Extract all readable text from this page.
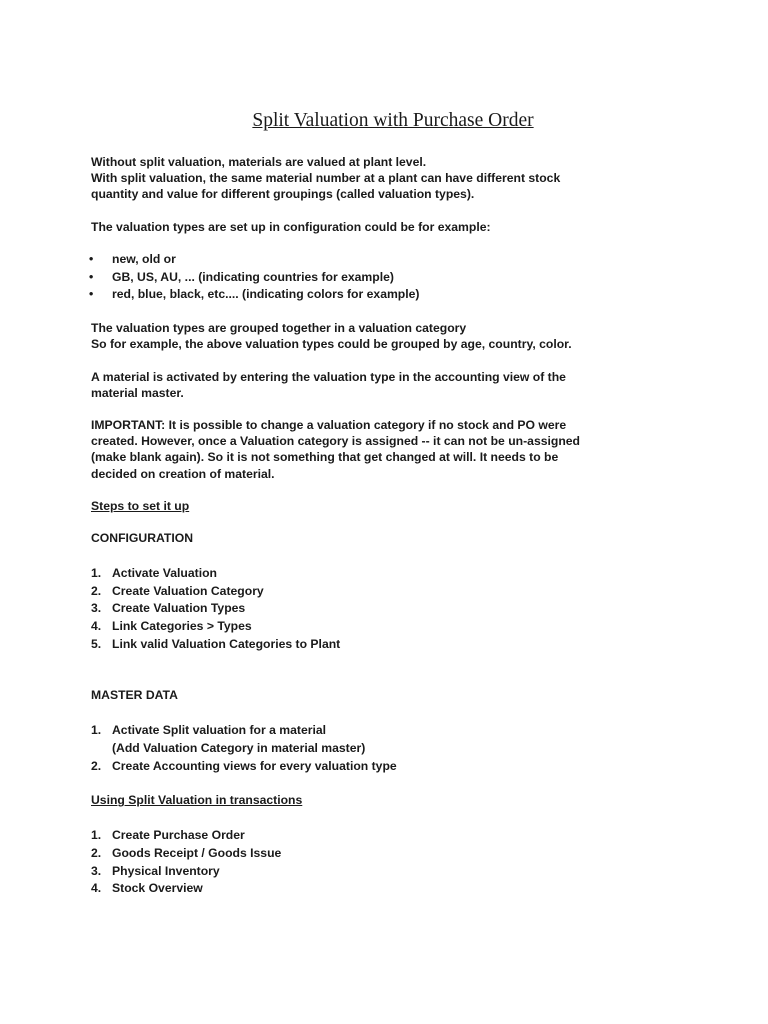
Split Valuation with Purchase Order

Without split valuation, materials are valued at plant level.

With split valuation, the same material number at a plant can have different stock

quantity and value for different groupings (called valuation types).

The valuation types are set up in configuration could be for example:

• new, old or
• GB, US, AU, ... (indicating countries for example)
• red, blue, black, etc.... (indicating colors for example)

The valuation types are grouped together in a valuation category

So for example, the above valuation types could be grouped by age, country, color.

A material is activated by entering the valuation type in the accounting view of the

material master.

IMPORTANT: It is possible to change a valuation category if no stock and PO were

created. However, once a Valuation category is assigned -- it can not be un-assigned

(make blank again). So it is not something that get changed at will. It needs to be

decided on creation of material.

Steps to set it up

CONFIGURATION

1. Activate Valuation
2. Create Valuation Category
3. Create Valuation Types
4. Link Categories > Types
5. Link valid Valuation Categories to Plant

MASTER DATA

1. Activate Split valuation for a material
(Add Valuation Category in material master)
2. Create Accounting views for every valuation type

Using Split Valuation in transactions

1. Create Purchase Order
2. Goods Receipt / Goods Issue
3. Physical Inventory
4. Stock Overview
